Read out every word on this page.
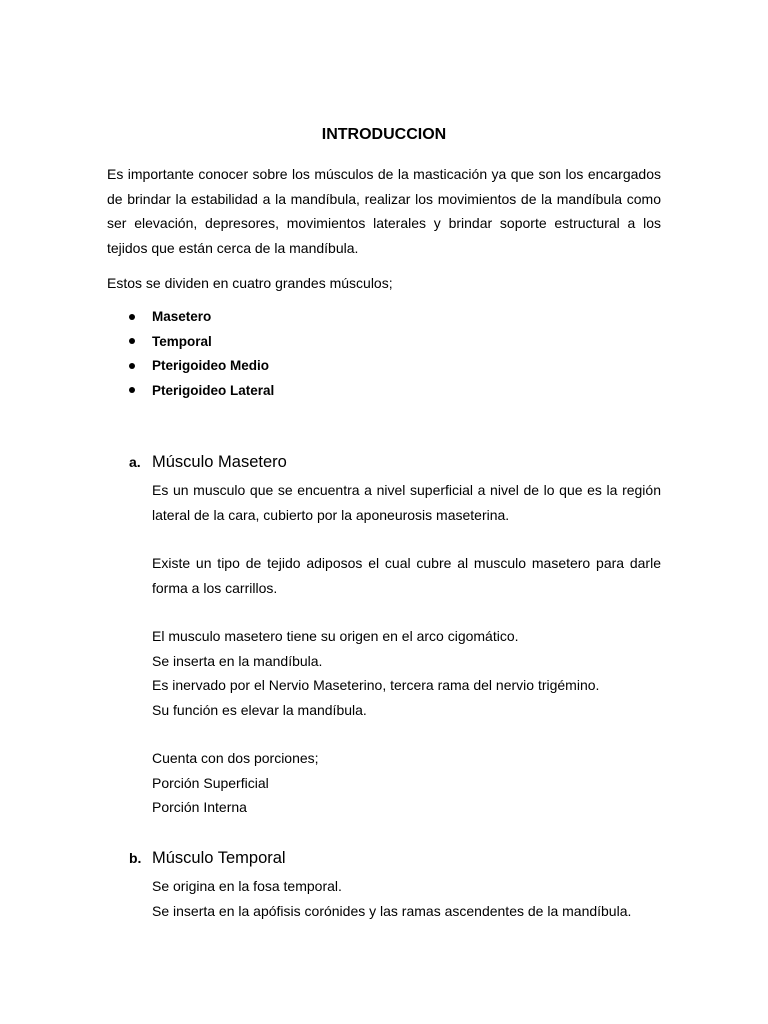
INTRODUCCION

Es importante conocer sobre los músculos de la masticación ya que son los encargados de brindar la estabilidad a la mandíbula, realizar los movimientos de la mandíbula como ser elevación, depresores, movimientos laterales y brindar soporte estructural a los tejidos que están cerca de la mandíbula.

Estos se dividen en cuatro grandes músculos;

Masetero
Temporal
Pterigoideo Medio
Pterigoideo Lateral
a. Músculo Masetero

Es un musculo que se encuentra a nivel superficial a nivel de lo que es la región lateral de la cara, cubierto por la aponeurosis maseterina.

Existe un tipo de tejido adiposos el cual cubre al musculo masetero para darle forma a los carrillos.

El musculo masetero tiene su origen en el arco cigomático.
Se inserta en la mandíbula.
Es inervado por el Nervio Maseterino, tercera rama del nervio trigémino.
Su función es elevar la mandíbula.
Cuenta con dos porciones;
Porción Superficial
Porción Interna
b. Músculo Temporal
Se origina en la fosa temporal.
Se inserta en la apófisis corónides y las ramas ascendentes de la mandíbula.
